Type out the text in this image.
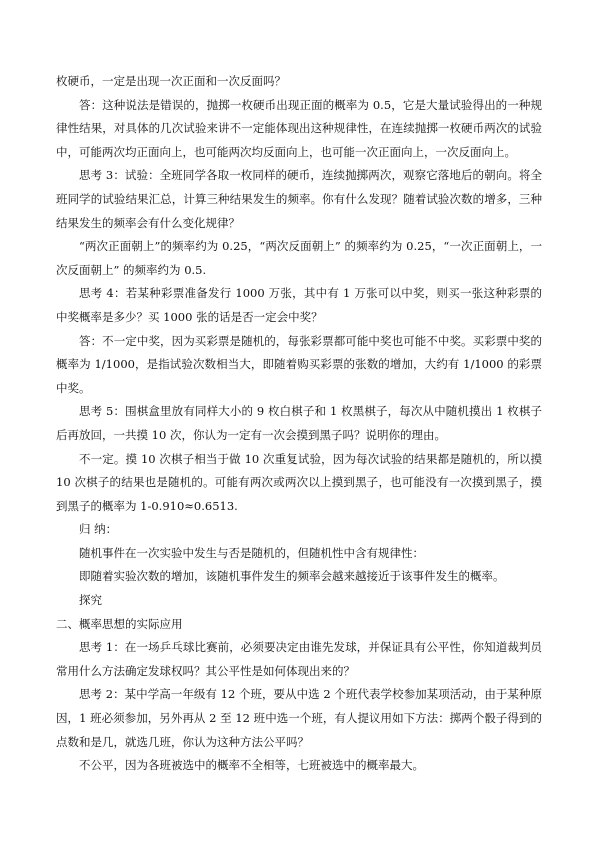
枚硬币，一定是出现一次正面和一次反面吗？

答：这种说法是错误的，抛掷一枚硬币出现正面的概率为 0.5，它是大量试验得出的一种规律性结果，对具体的几次试验来讲不一定能体现出这种规律性，在连续抛掷一枚硬币两次的试验中，可能两次均正面向上，也可能两次均反面向上，也可能一次正面向上，一次反面向上。

思考 3：试验：全班同学各取一枚同样的硬币，连续抛掷两次，观察它落地后的朝向。将全班同学的试验结果汇总，计算三种结果发生的频率。你有什么发现？随着试验次数的增多，三种结果发生的频率会有什么变化规律？

“两次正面朝上”的频率约为 0.25，“两次反面朝上” 的频率约为 0.25，“一次正面朝上，一次反面朝上” 的频率约为 0.5.

思考 4：若某种彩票准备发行 1000 万张，其中有 1 万张可以中奖，则买一张这种彩票的中奖概率是多少？买 1000 张的话是否一定会中奖？

答：不一定中奖，因为买彩票是随机的，每张彩票都可能中奖也可能不中奖。买彩票中奖的概率为 1/1000，是指试验次数相当大，即随着购买彩票的张数的增加，大约有 1/1000 的彩票中奖。

思考 5：围棋盒里放有同样大小的 9 枚白棋子和 1 枚黑棋子，每次从中随机摸出 1 枚棋子后再放回，一共摸 10 次，你认为一定有一次会摸到黑子吗？说明你的理由。

不一定。摸 10 次棋子相当于做 10 次重复试验，因为每次试验的结果都是随机的，所以摸 10 次棋子的结果也是随机的。可能有两次或两次以上摸到黑子，也可能没有一次摸到黑子，摸到黑子的概率为 1-0.910≈0.6513.

归 纳：

随机事件在一次实验中发生与否是随机的，但随机性中含有规律性：

即随着实验次数的增加，该随机事件发生的频率会越来越接近于该事件发生的概率。

探究

二、概率思想的实际应用

思考 1：在一场乒乓球比赛前，必须要决定由谁先发球，并保证具有公平性，你知道裁判员常用什么方法确定发球权吗？其公平性是如何体现出来的？

思考 2：某中学高一年级有 12 个班，要从中选 2 个班代表学校参加某项活动，由于某种原因，1 班必须参加，另外再从 2 至 12 班中选一个班，有人提议用如下方法：掷两个骰子得到的点数和是几，就选几班，你认为这种方法公平吗？

不公平，因为各班被选中的概率不全相等，七班被选中的概率最大。
